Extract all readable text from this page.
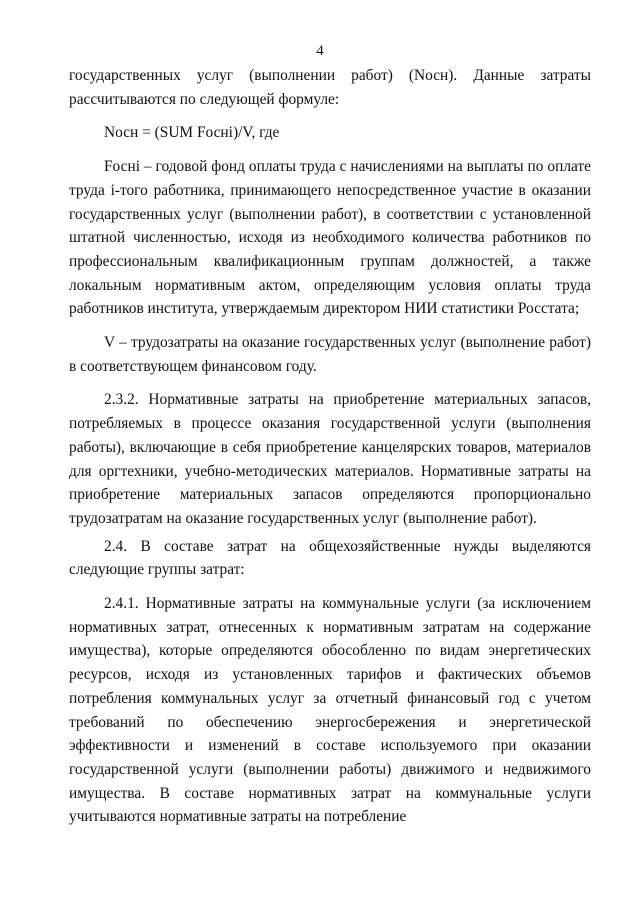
4

государственных услуг (выполнении работ) (Nосн). Данные затраты рассчитываются по следующей формуле:

Nосн = (SUM Fосні)/V, где

Fосні – годовой фонд оплаты труда с начислениями на выплаты по оплате труда і-того работника, принимающего непосредственное участие в оказании государственных услуг (выполнении работ), в соответствии с установленной штатной численностью, исходя из необходимого количества работников по профессиональным квалификационным группам должностей, а также локальным нормативным актом, определяющим условия оплаты труда работников института, утверждаемым директором НИИ статистики Росстата;

V – трудозатраты на оказание государственных услуг (выполнение работ) в соответствующем финансовом году.

2.3.2. Нормативные затраты на приобретение материальных запасов, потребляемых в процессе оказания государственной услуги (выполнения работы), включающие в себя приобретение канцелярских товаров, материалов для оргтехники, учебно-методических материалов. Нормативные затраты на приобретение материальных запасов определяются пропорционально трудозатратам на оказание государственных услуг (выполнение работ).

2.4. В составе затрат на общехозяйственные нужды выделяются следующие группы затрат:

2.4.1. Нормативные затраты на коммунальные услуги (за исключением нормативных затрат, отнесенных к нормативным затратам на содержание имущества), которые определяются обособленно по видам энергетических ресурсов, исходя из установленных тарифов и фактических объемов потребления коммунальных услуг за отчетный финансовый год с учетом требований по обеспечению энергосбережения и энергетической эффективности и изменений в составе используемого при оказании государственной услуги (выполнении работы) движимого и недвижимого имущества. В составе нормативных затрат на коммунальные услуги учитываются нормативные затраты на потребление
